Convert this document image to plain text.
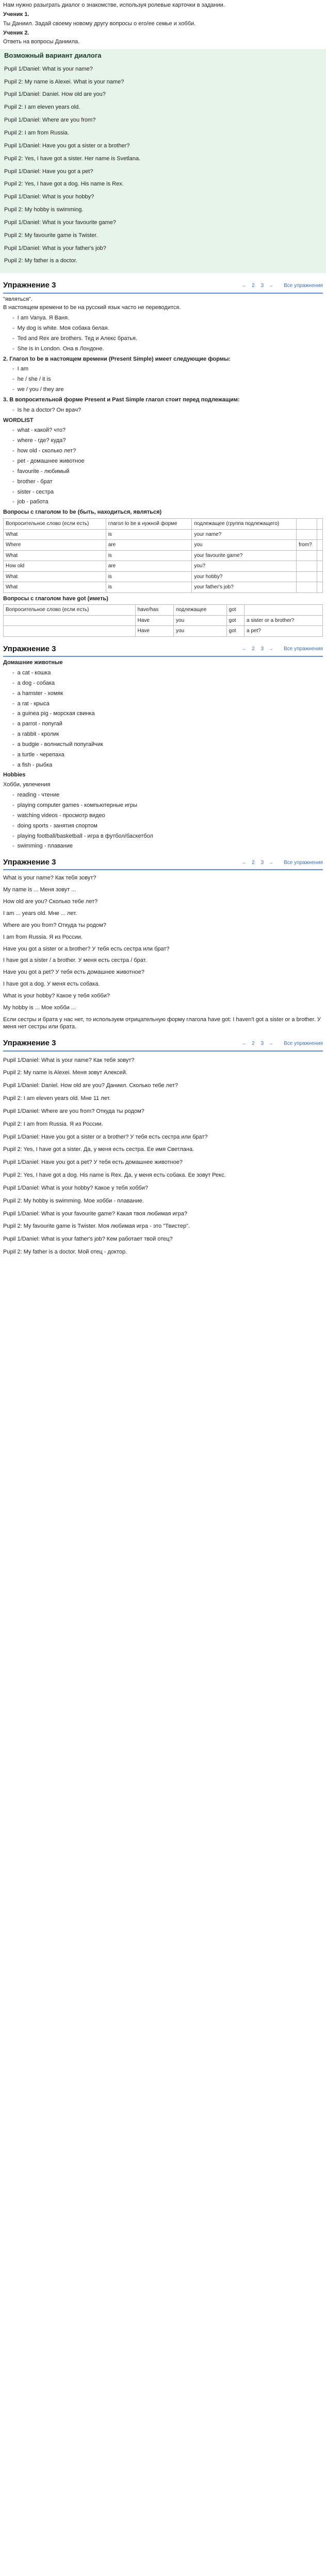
Нам нужно разыграть диалог о знакомстве, используя ролевые карточки в задании.

Ученик 1.

Ты Даниил. Задай своему новому другу вопросы о его/ее семье и хобби.

Ученик 2.

Ответь на вопросы Даниила.

Возможный вариант диалога

Pupil 1/Daniel: What is your name?

Pupil 2: My name is Alexei. What is your name?

Pupil 1/Daniel: Daniel. How old are you?

Pupil 2: I am eleven years old.

Pupil 1/Daniel: Where are you from?

Pupil 2: I am from Russia.

Pupil 1/Daniel: Have you got a sister or a brother?

Pupil 2: Yes, I have got a sister. Her name is Svetlana.

Pupil 1/Daniel: Have you got a pet?

Pupil 2: Yes, I have got a dog. His name is Rex.

Pupil 1/Daniel: What is your hobby?

Pupil 2: My hobby is swimming.

Pupil 1/Daniel: What is your favourite game?

Pupil 2: My favourite game is Twister.

Pupil 1/Daniel: What is your father's job?

Pupil 2: My father is a doctor.

Упражнение 3	← 2	3 → Все упражнения

"являться".

В настоящем времени to be на русский язык часто не переводится.

- I am Vanya. Я Ваня.
- My dog is white. Моя собака белая.
- Ted and Rex are brothers. Тед и Алекс братья.
- She is in London. Она в Лондоне.

2. Глагол to be в настоящем времени (Present Simple) имеет следующие формы:

- I am
- he / she / it is
- we / you / they are

3. В вопросительной форме Present и Past Simple глагол стоит перед подлежащим:

- Is he a doctor? Он врач?

WORDLIST

- what - какой? что?
- where - где? куда?
- how old - сколько лет?
- pet - домашнее животное
- favourite - любимый
- brother - брат
- sister - сестра
- job - работа

Вопросы с глаголом to be (быть, находиться, являться)

Вопросительное слово (если есть)	глагол to be в нужной форме	подлежащее (группа подлежащего)		
What	is	your name?		
Where	are	you	from?	
What	is	your favourite game?		
How old	are	you?		
What	is	your hobby?		
What	is	your father's job?		

Вопросы с глаголом have got (иметь)

Вопросительное слово (если есть)	have/has	подлежащее	got	
	Have	you	got	a sister or a brother?
	Have	you	got	a pet?
Упражнение 3	← 2	3 → Все упражнения

Домашние животные

- a cat - кошка
- a dog - собака
- a hamster - хомяк
- a rat - крыса
- a guinea pig - морская свинка
- a parrot - попугай
- a rabbit - кролик
- a budgie - волнистый попугайчик
- a turtle - черепаха
- a fish - рыбка

Hobbies

Хобби, увлечения

- reading - чтение
- playing computer games - компьютерные игры
- watching videos - просмотр видео
- doing sports - занятия спортом
- playing football/basketball - игра в футбол/баскетбол
- swimming - плавание
Упражнение 3	← 2	3 → Все упражнения

What is your name? Как тебя зовут?

My name is ... Меня зовут ...

How old are you? Сколько тебе лет?

I am ... years old. Мне ... лет.

Where are you from? Откуда ты родом?

I am from Russia. Я из России.

Have you got a sister or a brother? У тебя есть сестра или брат?

I have got a sister / a brother. У меня есть сестра / брат.

Have you got a pet? У тебя есть домашнее животное?

I have got a dog. У меня есть собака.

What is your hobby? Какое у тебя хобби?

My hobby is ... Мое хобби ...

Если сестры и брата у нас нет, то используем отрицательную форму глагола have got: I haven't got a sister or a brother. У меня нет сестры или брата.

Упражнение 3	← 2	3 → Все упражнения

Pupil 1/Daniel: What is your name? Как тебя зовут?

Pupil 2: My name is Alexei. Меня зовут Алексей.

Pupil 1/Daniel: Daniel. How old are you? Даниил. Сколько тебе лет?

Pupil 2: I am eleven years old. Мне 11 лет.

Pupil 1/Daniel: Where are you from? Откуда ты родом?

Pupil 2: I am from Russia. Я из России.

Pupil 1/Daniel: Have you got a sister or a brother? У тебя есть сестра или брат?

Pupil 2: Yes, I have got a sister. Да, у меня есть сестра. Ее имя Светлана.

Pupil 1/Daniel: Have you got a pet? У тебя есть домашнее животное?

Pupil 2: Yes, I have got a dog. His name is Rex. Да, у меня есть собака. Ее зовут Рекс.

Pupil 1/Daniel: What is your hobby? Какое у тебя хобби?

Pupil 2: My hobby is swimming. Мое хобби - плавание.

Pupil 1/Daniel: What is your favourite game? Какая твоя любимая игра?

Pupil 2: My favourite game is Twister. Моя любимая игра - это "Твистер".

Pupil 1/Daniel: What is your father's job? Кем работает твой отец?

Pupil 2: My father is a doctor. Мой отец - доктор.
